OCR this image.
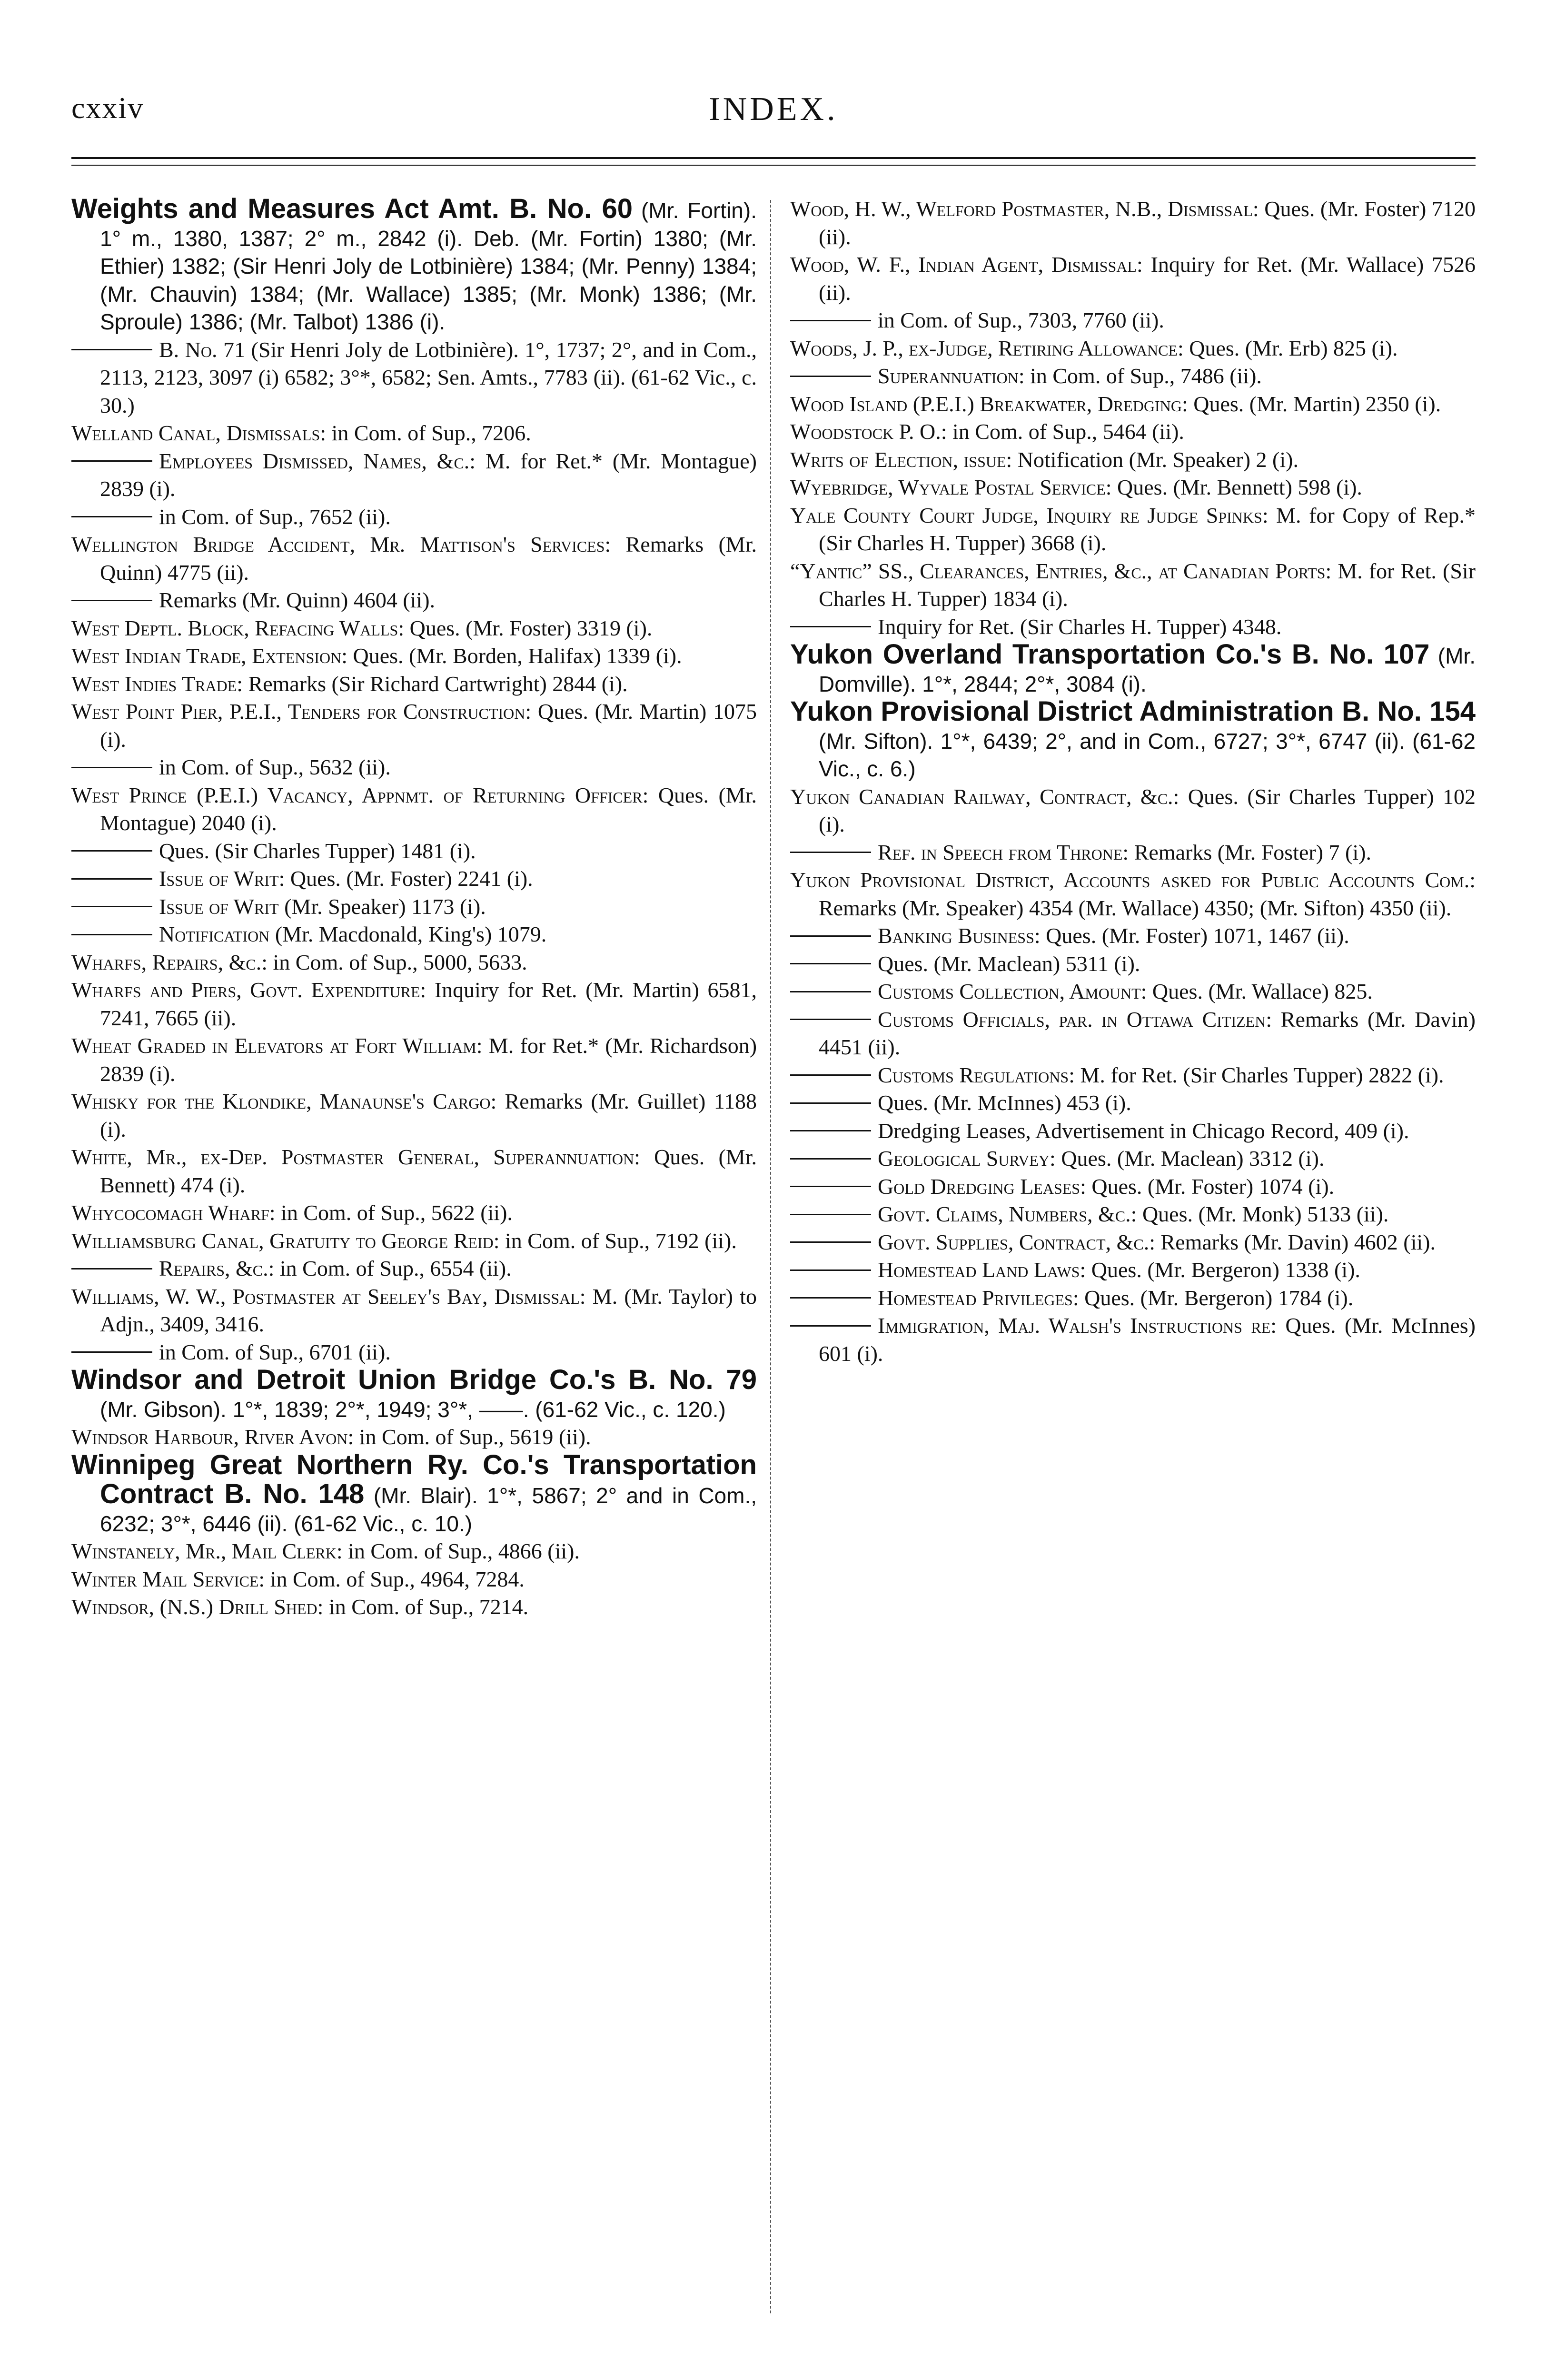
cxxiv	INDEX.

Weights and Measures Act Amt. B. No. 60 (Mr. Fortin). 1° m., 1380, 1387; 2° m., 2842 (i). Deb. (Mr. Fortin) 1380; (Mr. Ethier) 1382; (Sir Henri Joly de Lotbinière) 1384; (Mr. Penny) 1384; (Mr. Chauvin) 1384; (Mr. Wallace) 1385; (Mr. Monk) 1386; (Mr. Sproule) 1386; (Mr. Talbot) 1386 (i).

B. No. 71 (Sir Henri Joly de Lotbinière). 1°, 1737; 2°, and in Com., 2113, 2123, 3097 (i) 6582; 3°*, 6582; Sen. Amts., 7783 (ii). (61-62 Vic., c. 30.)

Welland Canal, Dismissals: in Com. of Sup., 7206.

Employees Dismissed, Names, &c.: M. for Ret.* (Mr. Montague) 2839 (i).

in Com. of Sup., 7652 (ii).

Wellington Bridge Accident, Mr. Mattison's Services: Remarks (Mr. Quinn) 4775 (ii).

Remarks (Mr. Quinn) 4604 (ii).

West Deptl. Block, Refacing Walls: Ques. (Mr. Foster) 3319 (i).

West Indian Trade, Extension: Ques. (Mr. Borden, Halifax) 1339 (i).

West Indies Trade: Remarks (Sir Richard Cartwright) 2844 (i).

West Point Pier, P.E.I., Tenders for Construction: Ques. (Mr. Martin) 1075 (i).

in Com. of Sup., 5632 (ii).

West Prince (P.E.I.) Vacancy, Appnmt. of Returning Officer: Ques. (Mr. Montague) 2040 (i).

Ques. (Sir Charles Tupper) 1481 (i).

Issue of Writ: Ques. (Mr. Foster) 2241 (i).

Issue of Writ (Mr. Speaker) 1173 (i).

Notification (Mr. Macdonald, King's) 1079.

Wharfs, Repairs, &c.: in Com. of Sup., 5000, 5633.

Wharfs and Piers, Govt. Expenditure: Inquiry for Ret. (Mr. Martin) 6581, 7241, 7665 (ii).

Wheat Graded in Elevators at Fort William: M. for Ret.* (Mr. Richardson) 2839 (i).

Whisky for the Klondike, Manaunse's Cargo: Remarks (Mr. Guillet) 1188 (i).

White, Mr., ex-Dep. Postmaster General, Superannuation: Ques. (Mr. Bennett) 474 (i).

Whycocomagh Wharf: in Com. of Sup., 5622 (ii).

Williamsburg Canal, Gratuity to George Reid: in Com. of Sup., 7192 (ii).

Repairs, &c.: in Com. of Sup., 6554 (ii).

Williams, W. W., Postmaster at Seeley's Bay, Dismissal: M. (Mr. Taylor) to Adjn., 3409, 3416.

in Com. of Sup., 6701 (ii).

Windsor and Detroit Union Bridge Co.'s B. No. 79 (Mr. Gibson). 1°*, 1839; 2°*, 1949; 3°*, ——. (61-62 Vic., c. 120.)

Windsor Harbour, River Avon: in Com. of Sup., 5619 (ii).

Winnipeg Great Northern Ry. Co.'s Transportation Contract B. No. 148 (Mr. Blair). 1°*, 5867; 2° and in Com., 6232; 3°*, 6446 (ii). (61-62 Vic., c. 10.)

Winstanely, Mr., Mail Clerk: in Com. of Sup., 4866 (ii).

Winter Mail Service: in Com. of Sup., 4964, 7284.

Windsor, (N.S.) Drill Shed: in Com. of Sup., 7214.

Wood, H. W., Welford Postmaster, N.B., Dismissal: Ques. (Mr. Foster) 7120 (ii).

Wood, W. F., Indian Agent, Dismissal: Inquiry for Ret. (Mr. Wallace) 7526 (ii).

in Com. of Sup., 7303, 7760 (ii).

Woods, J. P., ex-Judge, Retiring Allowance: Ques. (Mr. Erb) 825 (i).

Superannuation: in Com. of Sup., 7486 (ii).

Wood Island (P.E.I.) Breakwater, Dredging: Ques. (Mr. Martin) 2350 (i).

Woodstock P. O.: in Com. of Sup., 5464 (ii).

Writs of Election, issue: Notification (Mr. Speaker) 2 (i).

Wyebridge, Wyvale Postal Service: Ques. (Mr. Bennett) 598 (i).

Yale County Court Judge, Inquiry re Judge Spinks: M. for Copy of Rep.* (Sir Charles H. Tupper) 3668 (i).

“Yantic” SS., Clearances, Entries, &c., at Canadian Ports: M. for Ret. (Sir Charles H. Tupper) 1834 (i).

Inquiry for Ret. (Sir Charles H. Tupper) 4348.

Yukon Overland Transportation Co.'s B. No. 107 (Mr. Domville). 1°*, 2844; 2°*, 3084 (i).

Yukon Provisional District Administration B. No. 154 (Mr. Sifton). 1°*, 6439; 2°, and in Com., 6727; 3°*, 6747 (ii). (61-62 Vic., c. 6.)

Yukon Canadian Railway, Contract, &c.: Ques. (Sir Charles Tupper) 102 (i).

Ref. in Speech from Throne: Remarks (Mr. Foster) 7 (i).

Yukon Provisional District, Accounts asked for Public Accounts Com.: Remarks (Mr. Speaker) 4354 (Mr. Wallace) 4350; (Mr. Sifton) 4350 (ii).

Banking Business: Ques. (Mr. Foster) 1071, 1467 (ii).

Ques. (Mr. Maclean) 5311 (i).

Customs Collection, Amount: Ques. (Mr. Wallace) 825.

Customs Officials, par. in Ottawa Citizen: Remarks (Mr. Davin) 4451 (ii).

Customs Regulations: M. for Ret. (Sir Charles Tupper) 2822 (i).

Ques. (Mr. McInnes) 453 (i).

Dredging Leases, Advertisement in Chicago Record, 409 (i).

Geological Survey: Ques. (Mr. Maclean) 3312 (i).

Gold Dredging Leases: Ques. (Mr. Foster) 1074 (i).

Govt. Claims, Numbers, &c.: Ques. (Mr. Monk) 5133 (ii).

Govt. Supplies, Contract, &c.: Remarks (Mr. Davin) 4602 (ii).

Homestead Land Laws: Ques. (Mr. Bergeron) 1338 (i).

Homestead Privileges: Ques. (Mr. Bergeron) 1784 (i).

Immigration, Maj. Walsh's Instructions re: Ques. (Mr. McInnes) 601 (i).
